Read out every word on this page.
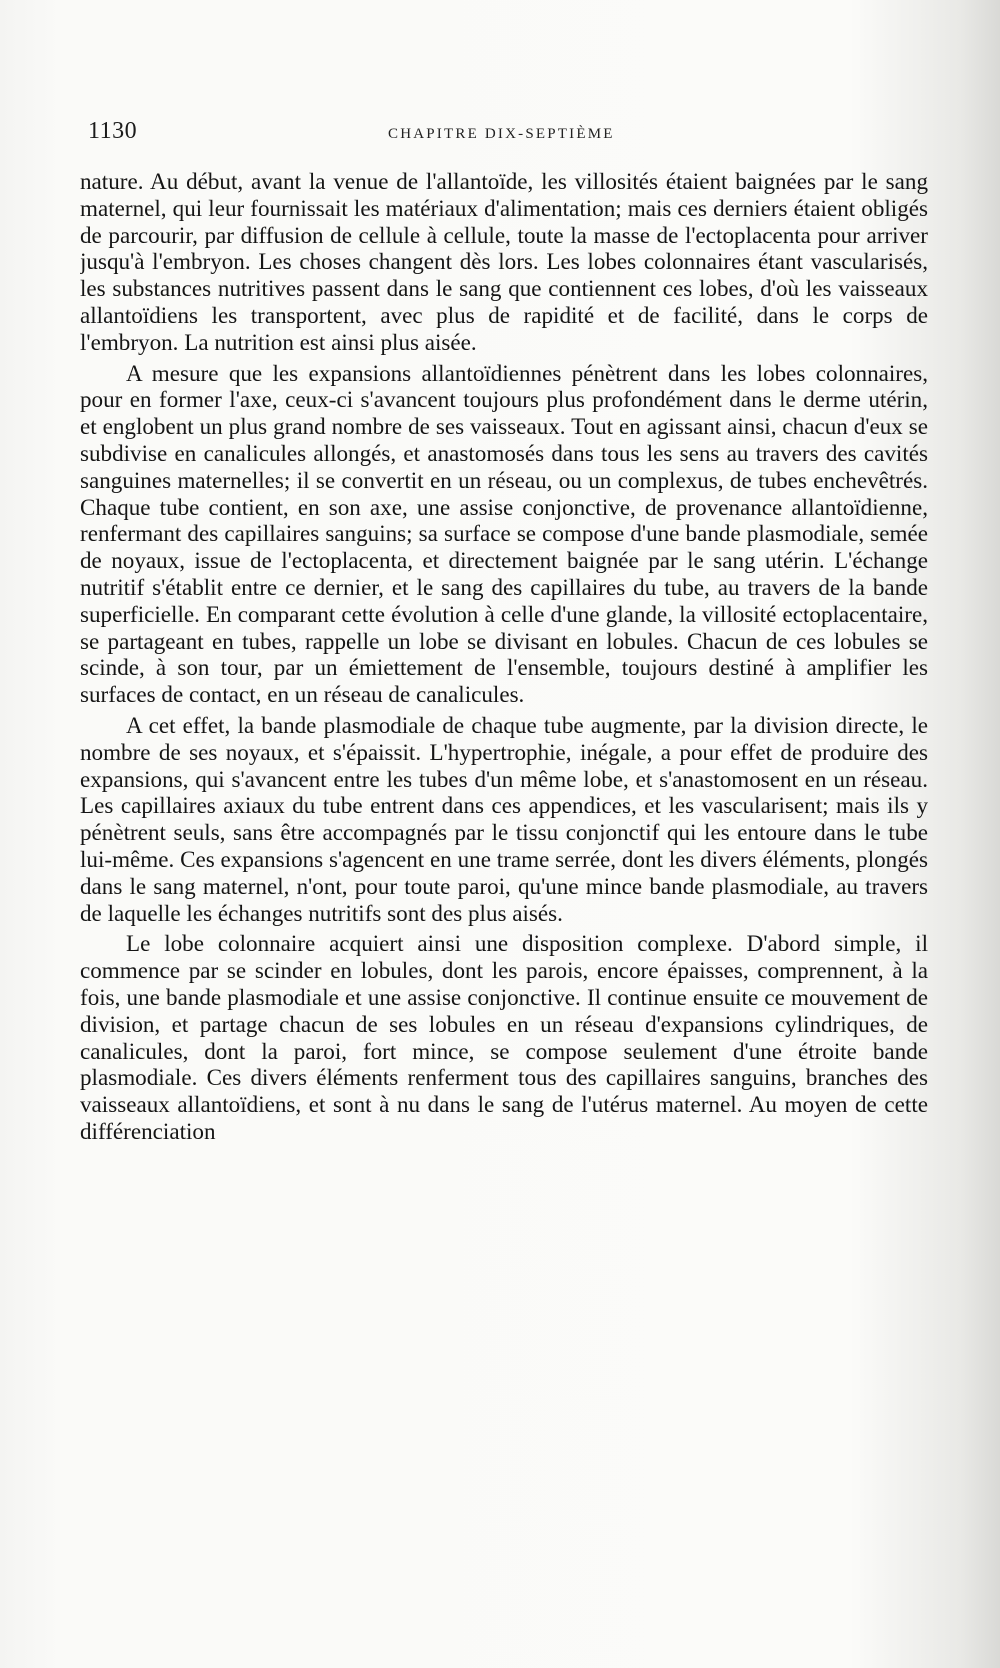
1130	CHAPITRE DIX-SEPTIÈME

nature. Au début, avant la venue de l'allantoïde, les villosités étaient baignées par le sang maternel, qui leur fournissait les matériaux d'alimentation; mais ces derniers étaient obligés de parcourir, par diffusion de cellule à cellule, toute la masse de l'ectoplacenta pour arriver jusqu'à l'embryon. Les choses changent dès lors. Les lobes colonnaires étant vascularisés, les substances nutritives passent dans le sang que contiennent ces lobes, d'où les vaisseaux allantoïdiens les transportent, avec plus de rapidité et de facilité, dans le corps de l'embryon. La nutrition est ainsi plus aisée.

A mesure que les expansions allantoïdiennes pénètrent dans les lobes colonnaires, pour en former l'axe, ceux-ci s'avancent toujours plus profondément dans le derme utérin, et englobent un plus grand nombre de ses vaisseaux. Tout en agissant ainsi, chacun d'eux se subdivise en canalicules allongés, et anastomosés dans tous les sens au travers des cavités sanguines maternelles; il se convertit en un réseau, ou un complexus, de tubes enchevêtrés. Chaque tube contient, en son axe, une assise conjonctive, de provenance allantoïdienne, renfermant des capillaires sanguins; sa surface se compose d'une bande plasmodiale, semée de noyaux, issue de l'ectoplacenta, et directement baignée par le sang utérin. L'échange nutritif s'établit entre ce dernier, et le sang des capillaires du tube, au travers de la bande superficielle. En comparant cette évolution à celle d'une glande, la villosité ectoplacentaire, se partageant en tubes, rappelle un lobe se divisant en lobules. Chacun de ces lobules se scinde, à son tour, par un émiettement de l'ensemble, toujours destiné à amplifier les surfaces de contact, en un réseau de canalicules.

A cet effet, la bande plasmodiale de chaque tube augmente, par la division directe, le nombre de ses noyaux, et s'épaissit. L'hypertrophie, inégale, a pour effet de produire des expansions, qui s'avancent entre les tubes d'un même lobe, et s'anastomosent en un réseau. Les capillaires axiaux du tube entrent dans ces appendices, et les vascularisent; mais ils y pénètrent seuls, sans être accompagnés par le tissu conjonctif qui les entoure dans le tube lui-même. Ces expansions s'agencent en une trame serrée, dont les divers éléments, plongés dans le sang maternel, n'ont, pour toute paroi, qu'une mince bande plasmodiale, au travers de laquelle les échanges nutritifs sont des plus aisés.

Le lobe colonnaire acquiert ainsi une disposition complexe. D'abord simple, il commence par se scinder en lobules, dont les parois, encore épaisses, comprennent, à la fois, une bande plasmodiale et une assise conjonctive. Il continue ensuite ce mouvement de division, et partage chacun de ses lobules en un réseau d'expansions cylindriques, de canalicules, dont la paroi, fort mince, se compose seulement d'une étroite bande plasmodiale. Ces divers éléments renferment tous des capillaires sanguins, branches des vaisseaux allantoïdiens, et sont à nu dans le sang de l'utérus maternel. Au moyen de cette différenciation
